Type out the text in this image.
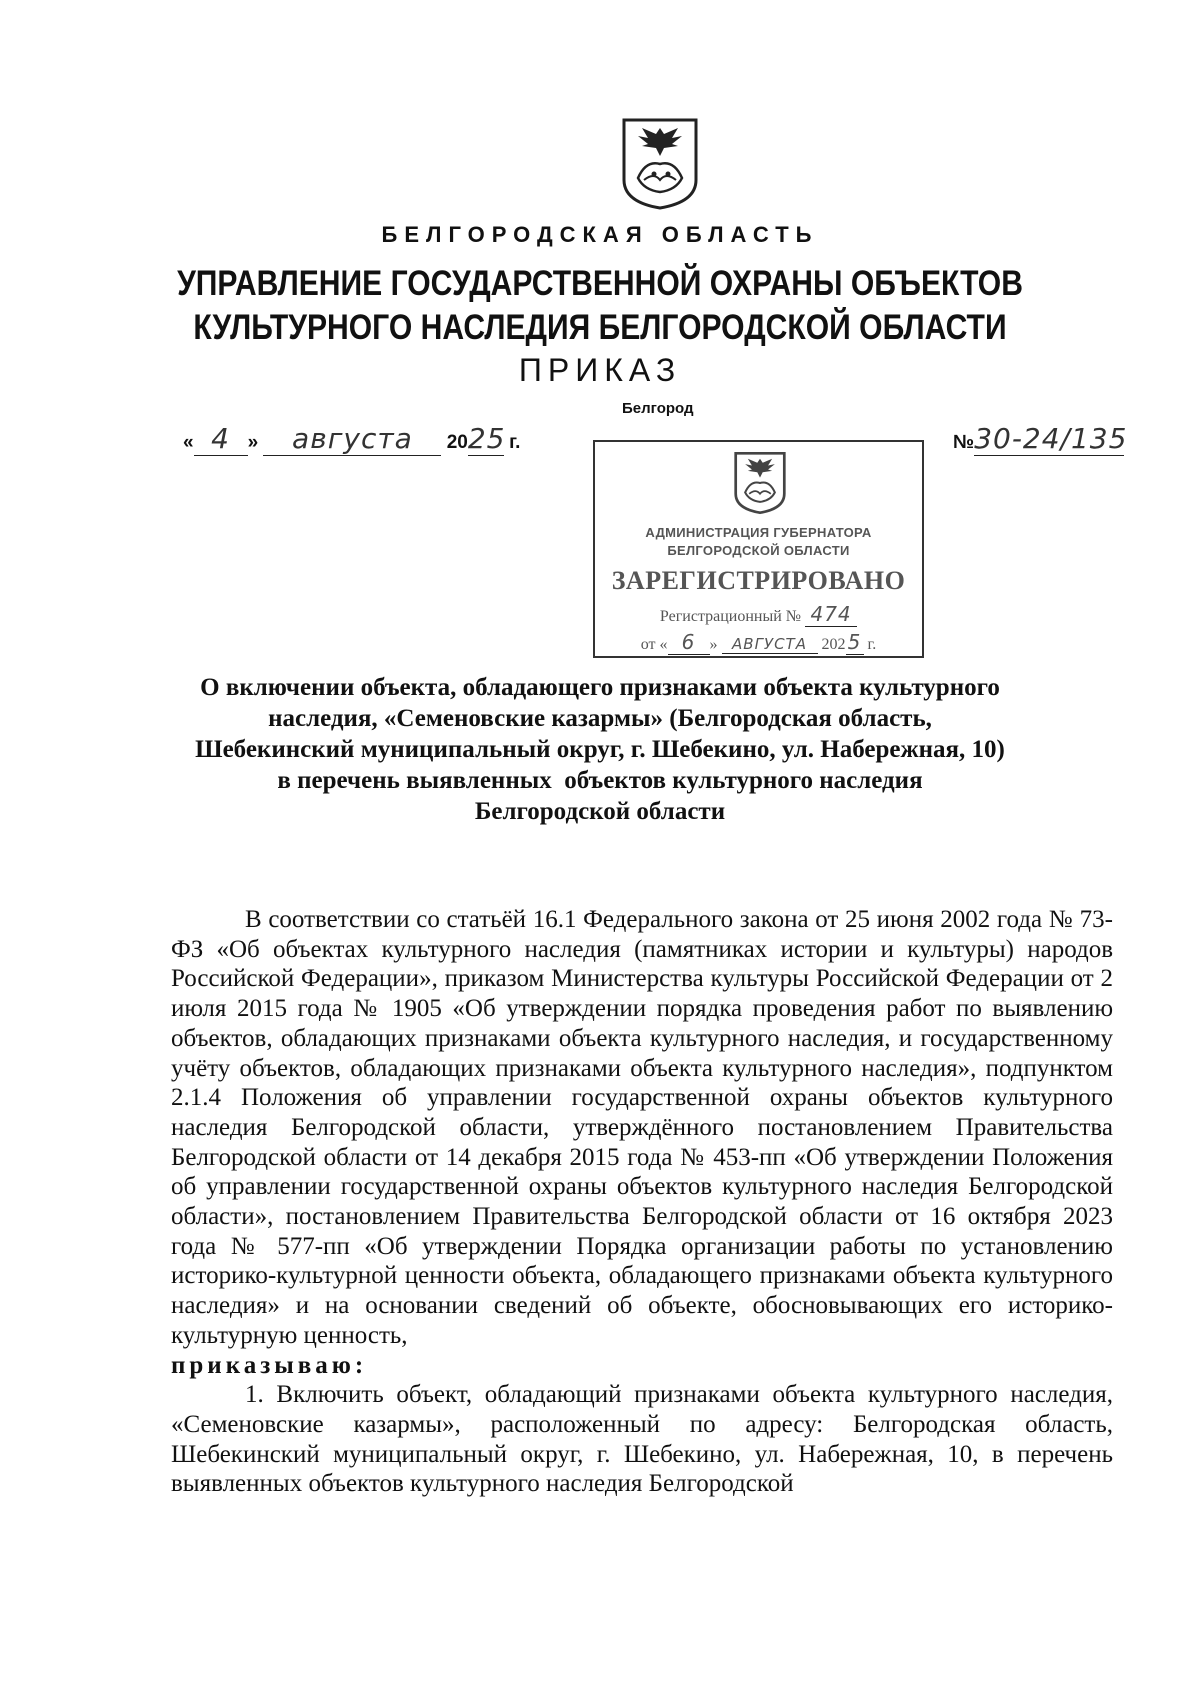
БЕЛГОРОДСКАЯ ОБЛАСТЬ
УПРАВЛЕНИЕ ГОСУДАРСТВЕННОЙ ОХРАНЫ ОБЪЕКТОВ
КУЛЬТУРНОГО НАСЛЕДИЯ БЕЛГОРОДСКОЙ ОБЛАСТИ
ПРИКАЗ
Белгород
« 4 » августа 2025 г.	№30-24/135
АДМИНИСТРАЦИЯ ГУБЕРНАТОРА
БЕЛГОРОДСКОЙ ОБЛАСТИ
ЗАРЕГИСТРИРОВАНО
Регистрационный № 474
от « 6 » АВГУСТА 202 5 г.
О включении объекта, обладающего признаками объекта культурного
наследия, «Семеновские казармы» (Белгородская область,
Шебекинский муниципальный округ, г. Шебекино, ул. Набережная, 10)
в перечень выявленных  объектов культурного наследия
Белгородской области

В соответствии со статьёй 16.1 Федерального закона от 25 июня 2002 года № 73-ФЗ «Об объектах культурного наследия (памятниках истории и культуры) народов Российской Федерации», приказом Министерства культуры Российской Федерации от 2 июля 2015 года № 1905 «Об утверждении порядка проведения работ по выявлению объектов, обладающих признаками объекта культурного наследия, и государственному учёту объектов, обладающих признаками объекта культурного наследия», подпунктом 2.1.4 Положения об управлении государственной охраны объектов культурного наследия Белгородской области, утверждённого постановлением Правительства Белгородской области от 14 декабря 2015 года № 453-пп «Об утверждении Положения об управлении государственной охраны объектов культурного наследия Белгородской области», постановлением Правительства Белгородской области от 16 октября 2023 года № 577-пп «Об утверждении Порядка организации работы по установлению историко-культурной ценности объекта, обладающего признаками объекта культурного наследия» и на основании сведений об объекте, обосновывающих его историко-культурную ценность,

приказываю:

1. Включить объект, обладающий признаками объекта культурного наследия, «Семеновские казармы», расположенный по адресу: Белгородская область, Шебекинский муниципальный округ, г. Шебекино, ул. Набережная, 10, в перечень выявленных объектов культурного наследия Белгородской
